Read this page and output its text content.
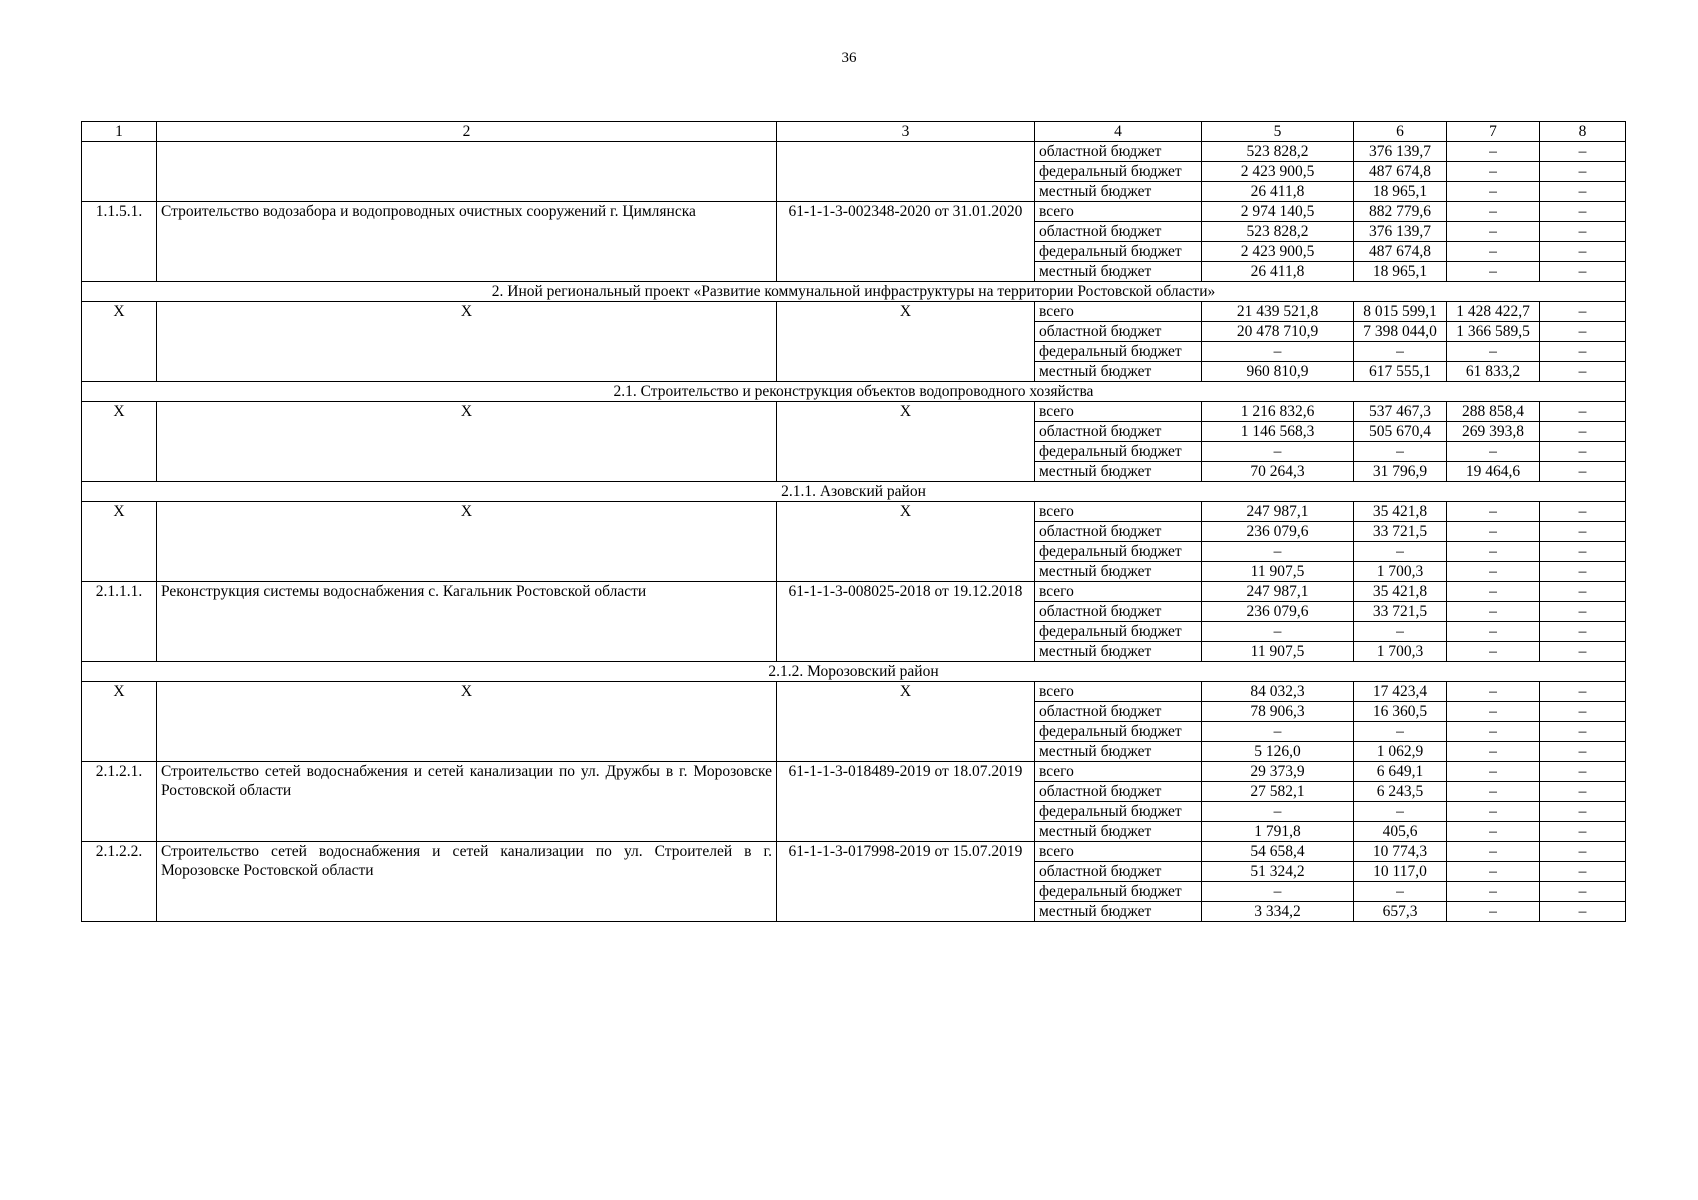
36
1	2	3	4	5	6	7	8
			областной бюджет	523 828,2	376 139,7	–	–
			федеральный бюджет	2 423 900,5	487 674,8	–	–
			местный бюджет	26 411,8	18 965,1	–	–
1.1.5.1.	Строительство водозабора и водопроводных очистных сооружений г. Цимлянска	61-1-1-3-002348-2020 от 31.01.2020	всего	2 974 140,5	882 779,6	–	–
			областной бюджет	523 828,2	376 139,7	–	–
			федеральный бюджет	2 423 900,5	487 674,8	–	–
			местный бюджет	26 411,8	18 965,1	–	–
2. Иной региональный проект «Развитие коммунальной инфраструктуры на территории Ростовской области»							
Х	Х	Х	всего	21 439 521,8	8 015 599,1	1 428 422,7	–
			областной бюджет	20 478 710,9	7 398 044,0	1 366 589,5	–
			федеральный бюджет	–	–	–	–
			местный бюджет	960 810,9	617 555,1	61 833,2	–
2.1. Строительство и реконструкция объектов водопроводного хозяйства							
Х	Х	Х	всего	1 216 832,6	537 467,3	288 858,4	–
			областной бюджет	1 146 568,3	505 670,4	269 393,8	–
			федеральный бюджет	–	–	–	–
			местный бюджет	70 264,3	31 796,9	19 464,6	–
2.1.1. Азовский район							
Х	Х	Х	всего	247 987,1	35 421,8	–	–
			областной бюджет	236 079,6	33 721,5	–	–
			федеральный бюджет	–	–	–	–
			местный бюджет	11 907,5	1 700,3	–	–
2.1.1.1.	Реконструкция системы водоснабжения с. Кагальник Ростовской области	61-1-1-3-008025-2018 от 19.12.2018	всего	247 987,1	35 421,8	–	–
			областной бюджет	236 079,6	33 721,5	–	–
			федеральный бюджет	–	–	–	–
			местный бюджет	11 907,5	1 700,3	–	–
2.1.2. Морозовский район							
Х	Х	Х	всего	84 032,3	17 423,4	–	–
			областной бюджет	78 906,3	16 360,5	–	–
			федеральный бюджет	–	–	–	–
			местный бюджет	5 126,0	1 062,9	–	–
2.1.2.1.	Строительство сетей водоснабжения и сетей канализации по ул. Дружбы в г. Морозовске Ростовской области	61-1-1-3-018489-2019 от 18.07.2019	всего	29 373,9	6 649,1	–	–
			областной бюджет	27 582,1	6 243,5	–	–
			федеральный бюджет	–	–	–	–
			местный бюджет	1 791,8	405,6	–	–
2.1.2.2.	Строительство сетей водоснабжения и сетей канализации по ул. Строителей в г. Морозовске Ростовской области	61-1-1-3-017998-2019 от 15.07.2019	всего	54 658,4	10 774,3	–	–
			областной бюджет	51 324,2	10 117,0	–	–
			федеральный бюджет	–	–	–	–
			местный бюджет	3 334,2	657,3	–	–
